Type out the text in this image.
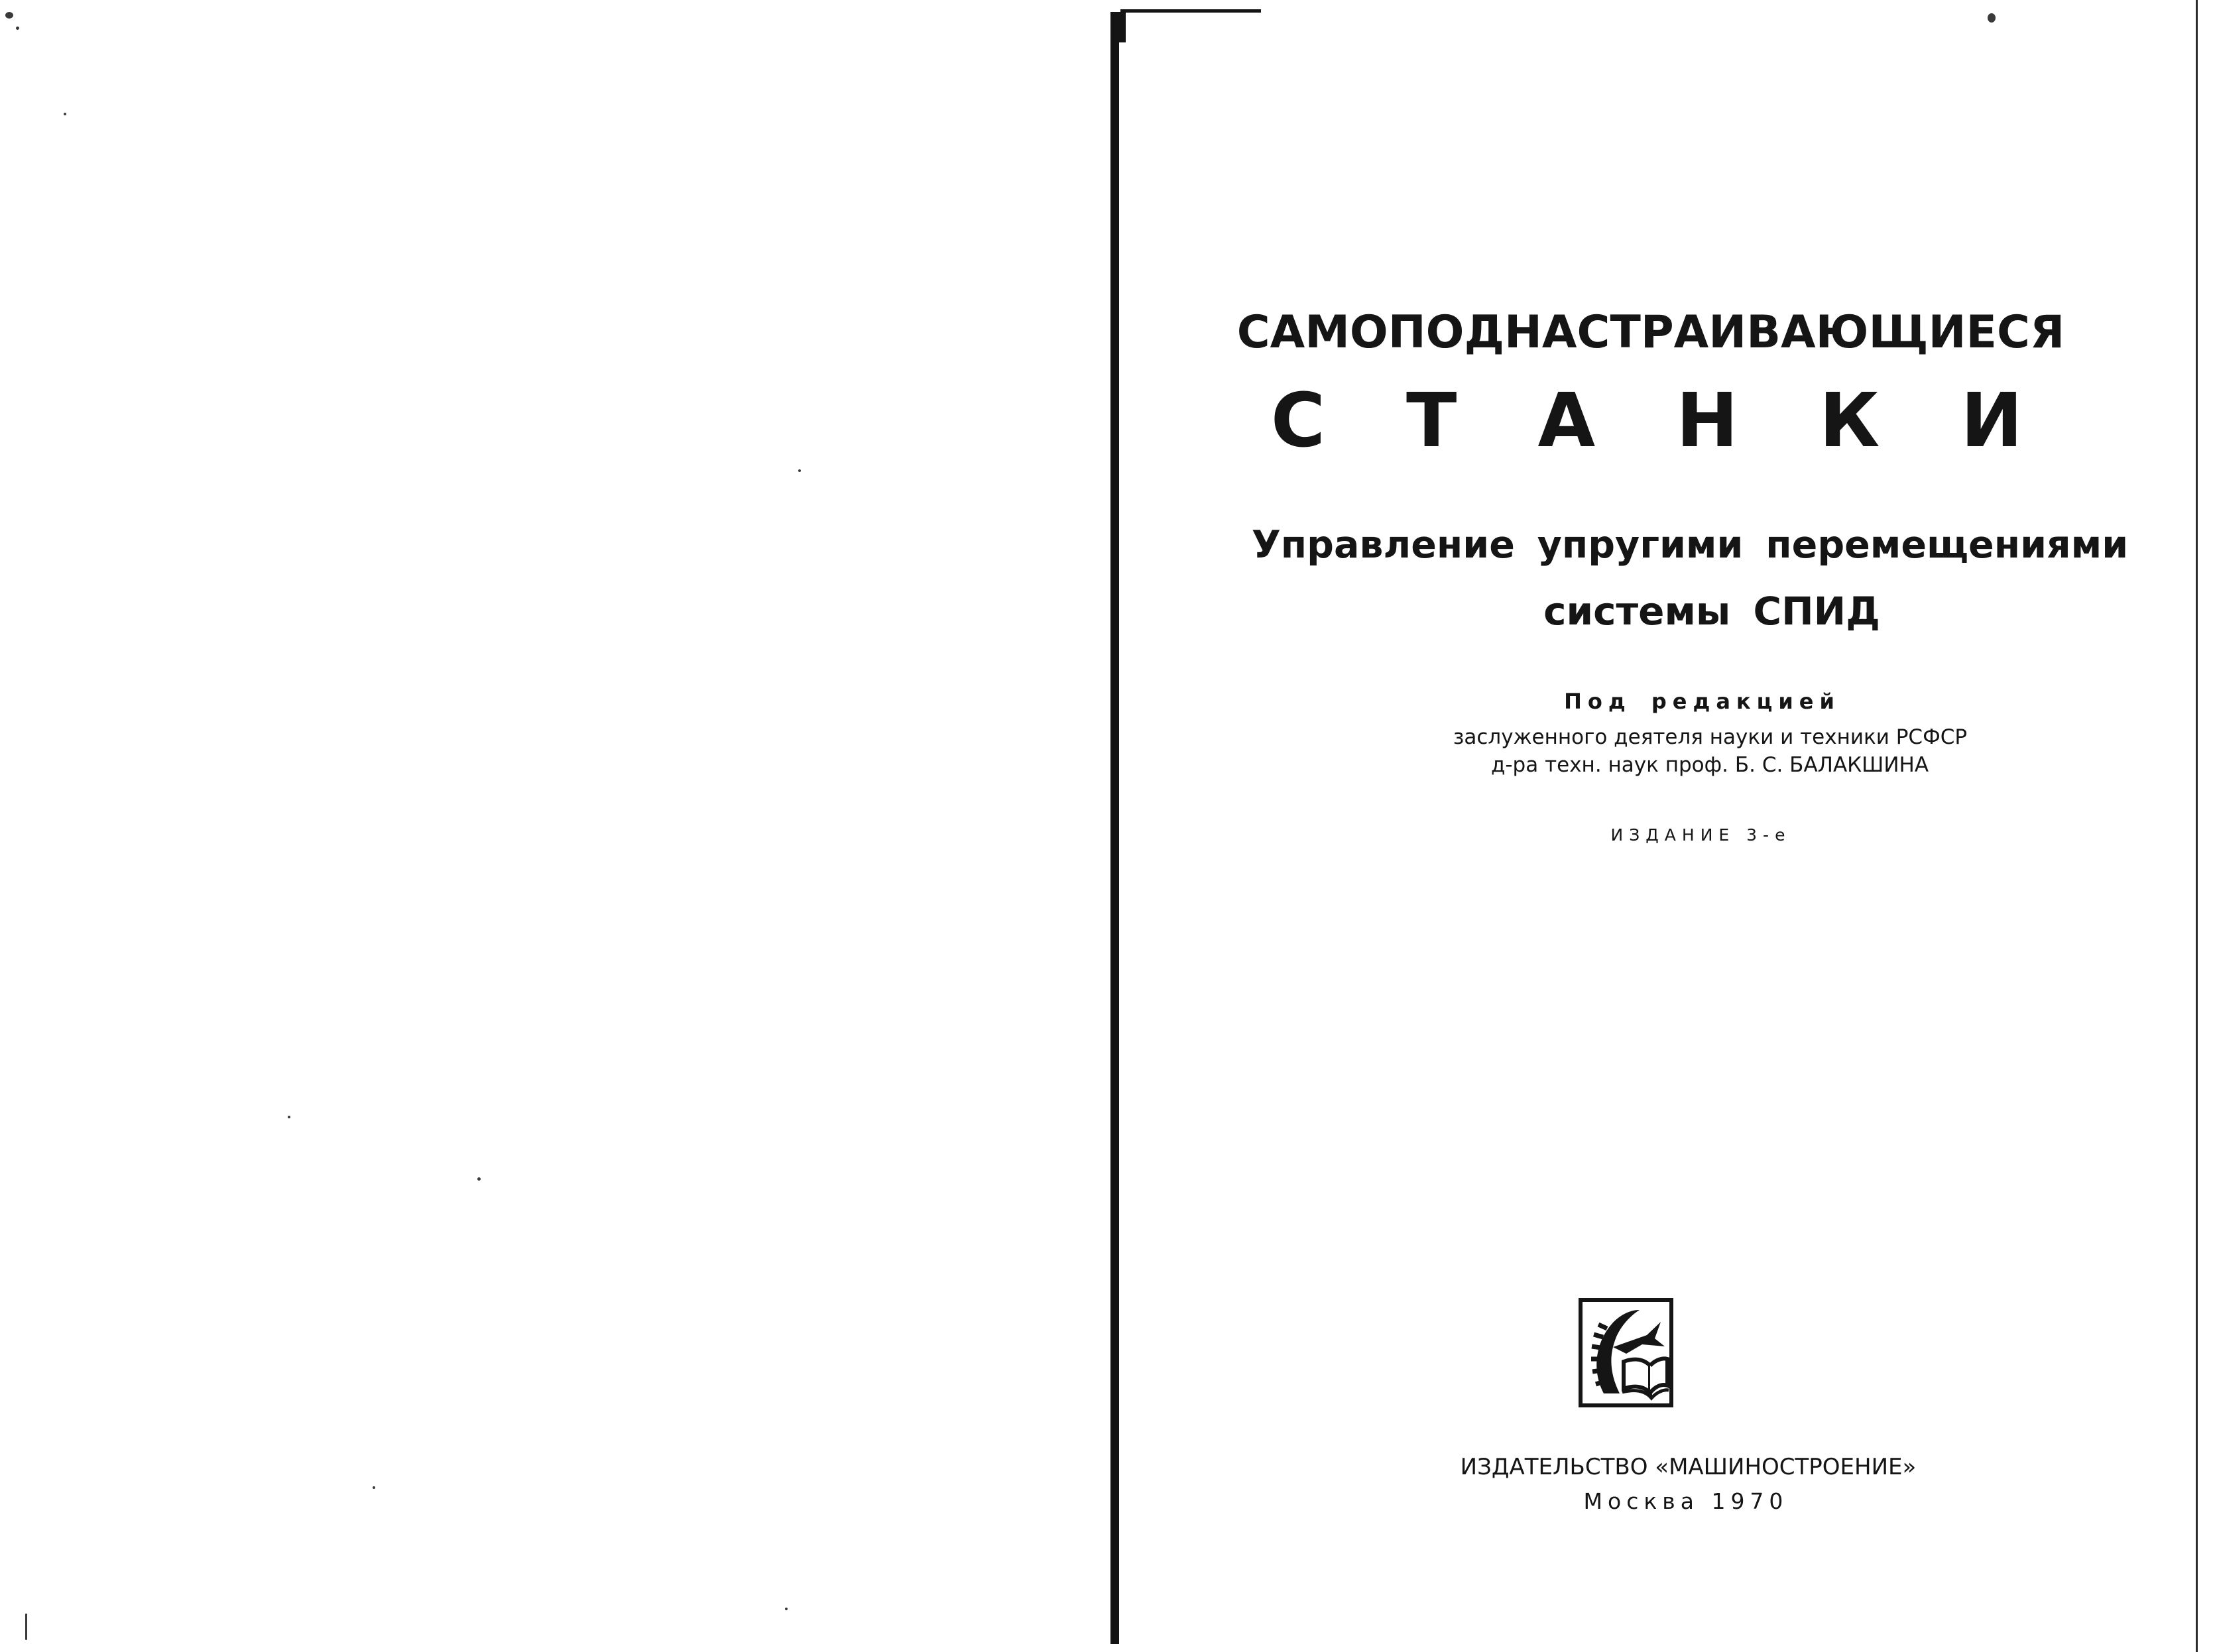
САМОПОДНАСТРАИВАЮЩИЕСЯ
СТАНКИ
Управление упругими перемещениями
системы СПИД
Под редакцией
заслуженного деятеля науки и техники РСФСР
д-ра техн. наук проф. Б. С. БАЛАКШИНА
ИЗДАНИЕ 3-е
ИЗДАТЕЛЬСТВО «МАШИНОСТРОЕНИЕ»
Москва 1970
